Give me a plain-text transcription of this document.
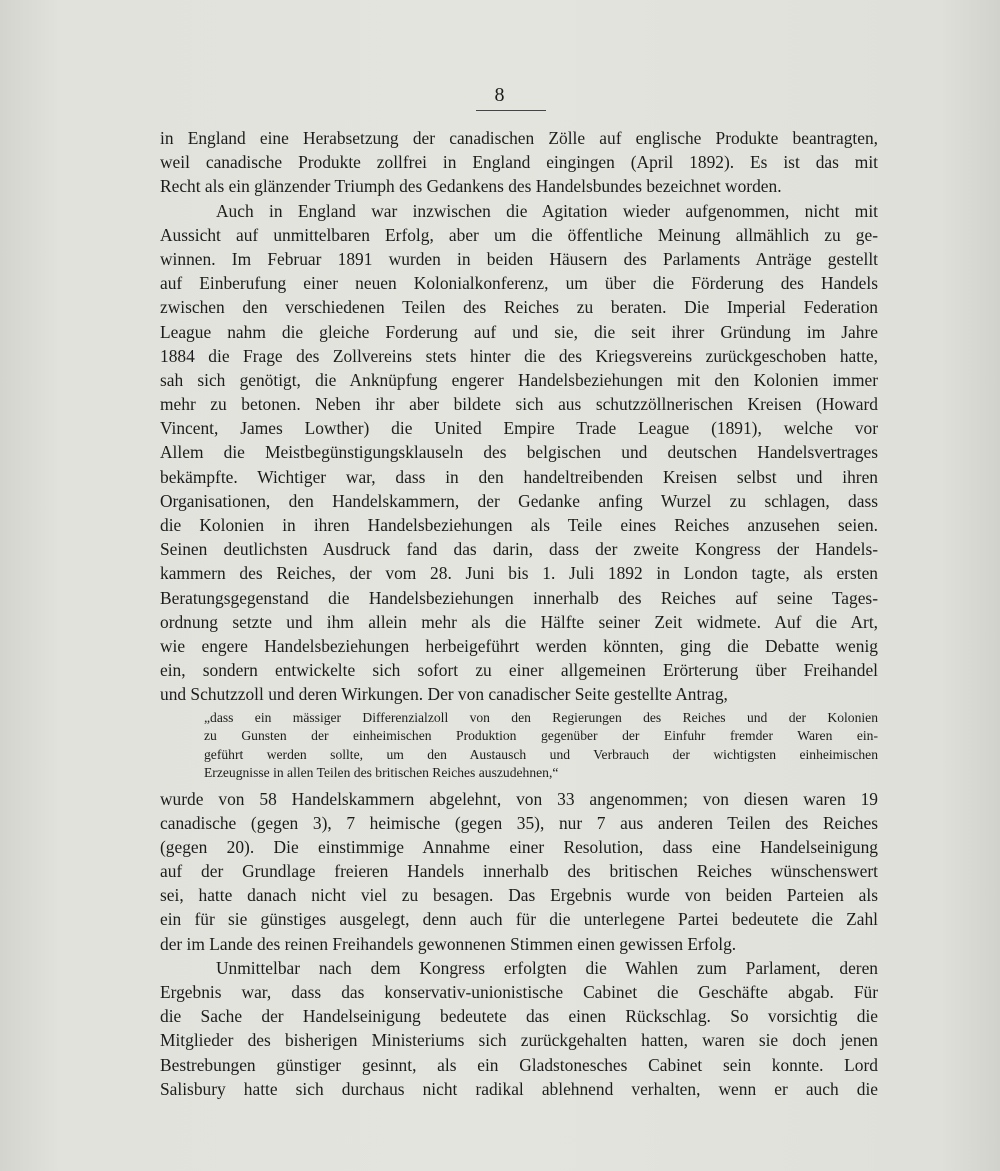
8
in England eine Herabsetzung der canadischen Zölle auf englische Produkte beantragten,
weil canadische Produkte zollfrei in England eingingen (April 1892). Es ist das mit
Recht als ein glänzender Triumph des Gedankens des Handelsbundes bezeichnet worden.
Auch in England war inzwischen die Agitation wieder aufgenommen, nicht mit
Aussicht auf unmittelbaren Erfolg, aber um die öffentliche Meinung allmählich zu ge-
winnen. Im Februar 1891 wurden in beiden Häusern des Parlaments Anträge gestellt
auf Einberufung einer neuen Kolonialkonferenz, um über die Förderung des Handels
zwischen den verschiedenen Teilen des Reiches zu beraten. Die Imperial Federation
League nahm die gleiche Forderung auf und sie, die seit ihrer Gründung im Jahre
1884 die Frage des Zollvereins stets hinter die des Kriegsvereins zurückgeschoben hatte,
sah sich genötigt, die Anknüpfung engerer Handelsbeziehungen mit den Kolonien immer
mehr zu betonen. Neben ihr aber bildete sich aus schutzzöllnerischen Kreisen (Howard
Vincent, James Lowther) die United Empire Trade League (1891), welche vor
Allem die Meistbegünstigungsklauseln des belgischen und deutschen Handelsvertrages
bekämpfte. Wichtiger war, dass in den handeltreibenden Kreisen selbst und ihren
Organisationen, den Handelskammern, der Gedanke anfing Wurzel zu schlagen, dass
die Kolonien in ihren Handelsbeziehungen als Teile eines Reiches anzusehen seien.
Seinen deutlichsten Ausdruck fand das darin, dass der zweite Kongress der Handels-
kammern des Reiches, der vom 28. Juni bis 1. Juli 1892 in London tagte, als ersten
Beratungsgegenstand die Handelsbeziehungen innerhalb des Reiches auf seine Tages-
ordnung setzte und ihm allein mehr als die Hälfte seiner Zeit widmete. Auf die Art,
wie engere Handelsbeziehungen herbeigeführt werden könnten, ging die Debatte wenig
ein, sondern entwickelte sich sofort zu einer allgemeinen Erörterung über Freihandel
und Schutzzoll und deren Wirkungen. Der von canadischer Seite gestellte Antrag,
„dass ein mässiger Differenzialzoll von den Regierungen des Reiches und der Kolonien
zu Gunsten der einheimischen Produktion gegenüber der Einfuhr fremder Waren ein-
geführt werden sollte, um den Austausch und Verbrauch der wichtigsten einheimischen
Erzeugnisse in allen Teilen des britischen Reiches auszudehnen,“
wurde von 58 Handelskammern abgelehnt, von 33 angenommen; von diesen waren 19
canadische (gegen 3), 7 heimische (gegen 35), nur 7 aus anderen Teilen des Reiches
(gegen 20). Die einstimmige Annahme einer Resolution, dass eine Handelseinigung
auf der Grundlage freieren Handels innerhalb des britischen Reiches wünschenswert
sei, hatte danach nicht viel zu besagen. Das Ergebnis wurde von beiden Parteien als
ein für sie günstiges ausgelegt, denn auch für die unterlegene Partei bedeutete die Zahl
der im Lande des reinen Freihandels gewonnenen Stimmen einen gewissen Erfolg.
Unmittelbar nach dem Kongress erfolgten die Wahlen zum Parlament, deren
Ergebnis war, dass das konservativ-unionistische Cabinet die Geschäfte abgab. Für
die Sache der Handelseinigung bedeutete das einen Rückschlag. So vorsichtig die
Mitglieder des bisherigen Ministeriums sich zurückgehalten hatten, waren sie doch jenen
Bestrebungen günstiger gesinnt, als ein Gladstonesches Cabinet sein konnte. Lord
Salisbury hatte sich durchaus nicht radikal ablehnend verhalten, wenn er auch die
